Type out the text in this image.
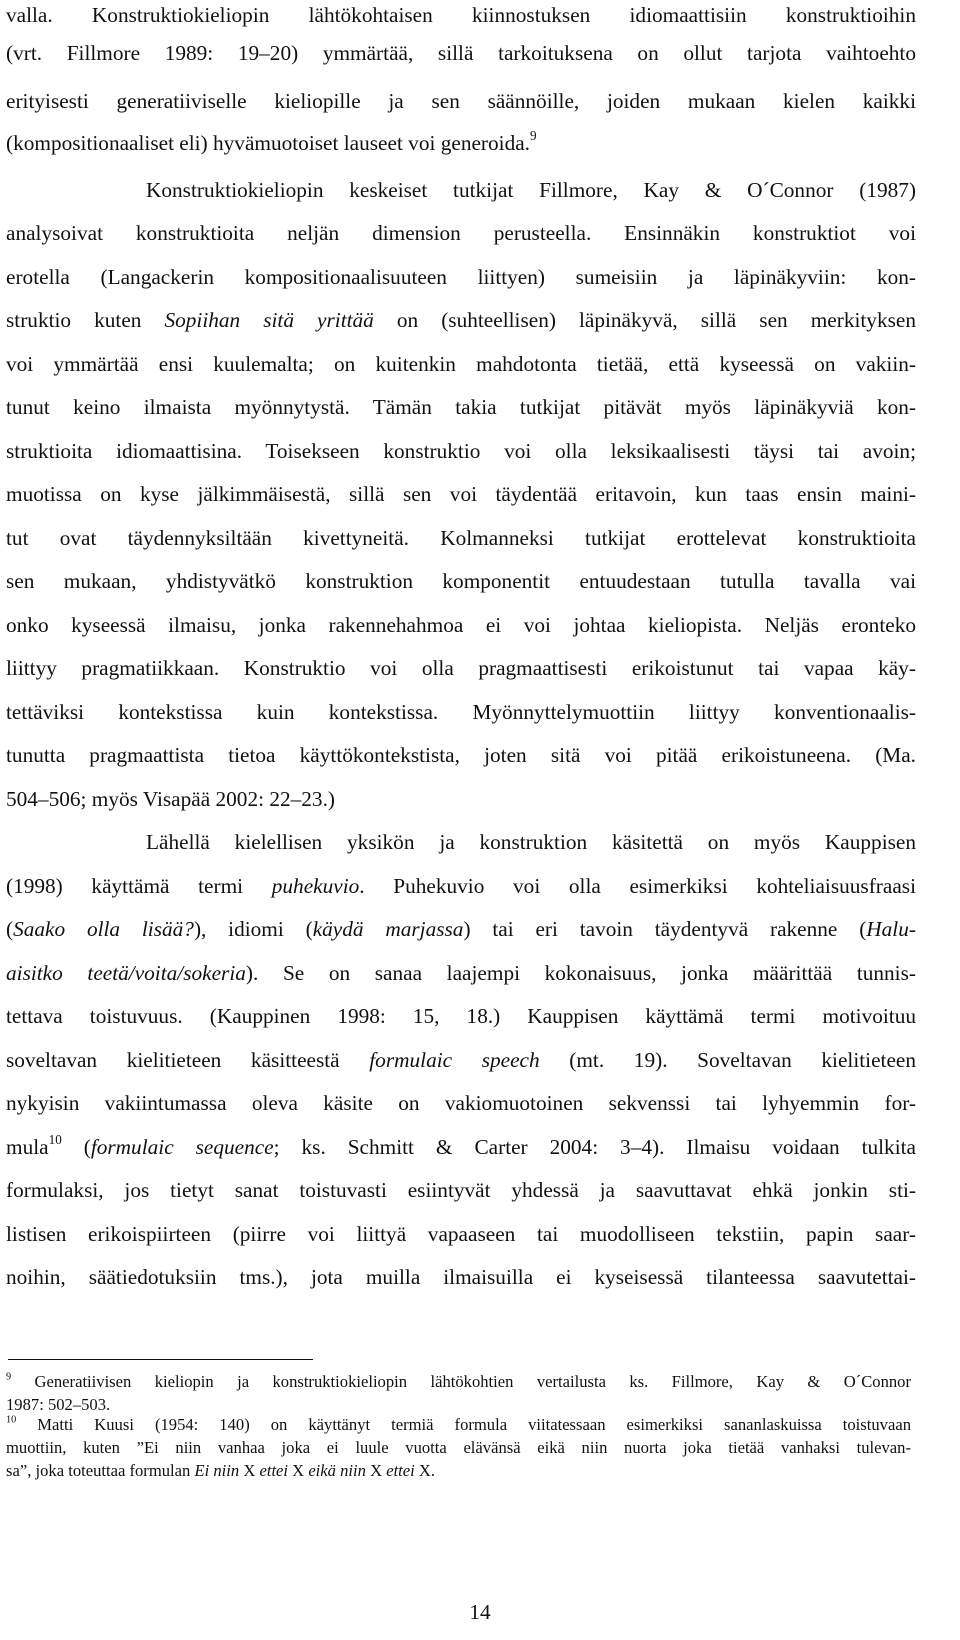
valla. Konstruktiokieliopin lähtökohtaisen kiinnostuksen idiomaattisiin konstruktioihin
(vrt. Fillmore 1989: 19–20) ymmärtää, sillä tarkoituksena on ollut tarjota vaihtoehto
erityisesti generatiiviselle kieliopille ja sen säännöille, joiden mukaan kielen kaikki
(kompositionaaliset eli) hyvämuotoiset lauseet voi generoida.$^9$
Konstruktiokieliopin keskeiset tutkijat Fillmore, Kay & O´Connor (1987)
analysoivat konstruktioita neljän dimension perusteella. Ensinnäkin konstruktiot voi
erotella (Langackerin kompositionaalisuuteen liittyen) sumeisiin ja läpinäkyviin: kon-
struktio kuten Sopiihan sitä yrittää on (suhteellisen) läpinäkyvä, sillä sen merkityksen
voi ymmärtää ensi kuulemalta; on kuitenkin mahdotonta tietää, että kyseessä on vakiin-
tunut keino ilmaista myönnytystä. Tämän takia tutkijat pitävät myös läpinäkyviä kon-
struktioita idiomaattisina. Toisekseen konstruktio voi olla leksikaalisesti täysi tai avoin;
muotissa on kyse jälkimmäisestä, sillä sen voi täydentää eritavoin, kun taas ensin maini-
tut ovat täydennyksiltään kivettyneitä. Kolmanneksi tutkijat erottelevat konstruktioita
sen mukaan, yhdistyvätkö konstruktion komponentit entuudestaan tutulla tavalla vai
onko kyseessä ilmaisu, jonka rakennehahmoa ei voi johtaa kieliopista. Neljäs eronteko
liittyy pragmatiikkaan. Konstruktio voi olla pragmaattisesti erikoistunut tai vapaa käy-
tettäviksi kontekstissa kuin kontekstissa. Myönnyttelymuottiin liittyy konventionaalis-
tunutta pragmaattista tietoa käyttökontekstista, joten sitä voi pitää erikoistuneena. (Ma.
504–506; myös Visapää 2002: 22–23.)
Lähellä kielellisen yksikön ja konstruktion käsitettä on myös Kauppisen
(1998) käyttämä termi puhekuvio. Puhekuvio voi olla esimerkiksi kohteliaisuusfraasi
(Saako olla lisää?), idiomi (käydä marjassa) tai eri tavoin täydentyvä rakenne (Halu-
aisitko teetä/voita/sokeria). Se on sanaa laajempi kokonaisuus, jonka määrittää tunnis-
tettava toistuvuus. (Kauppinen 1998: 15, 18.) Kauppisen käyttämä termi motivoituu
soveltavan kielitieteen käsitteestä formulaic speech (mt. 19). Soveltavan kielitieteen
nykyisin vakiintumassa oleva käsite on vakiomuotoinen sekvenssi tai lyhyemmin for-
mula$^{10}$ (formulaic sequence; ks. Schmitt & Carter 2004: 3–4). Ilmaisu voidaan tulkita
formulaksi, jos tietyt sanat toistuvasti esiintyvät yhdessä ja saavuttavat ehkä jonkin sti-
listisen erikoispiirteen (piirre voi liittyä vapaaseen tai muodolliseen tekstiin, papin saar-
noihin, säätiedotuksiin tms.), jota muilla ilmaisuilla ei kyseisessä tilanteessa saavutettai-
$^9$ Generatiivisen kieliopin ja konstruktiokieliopin lähtökohtien vertailusta ks. Fillmore, Kay & O´Connor
1987: 502–503.
$^{10}$ Matti Kuusi (1954: 140) on käyttänyt termiä formula viitatessaan esimerkiksi sananlaskuissa toistuvaan
muottiin, kuten ”Ei niin vanhaa joka ei luule vuotta elävänsä eikä niin nuorta joka tietää vanhaksi tulevan-
sa”, joka toteuttaa formulan Ei niin X ettei X eikä niin X ettei X.
14
